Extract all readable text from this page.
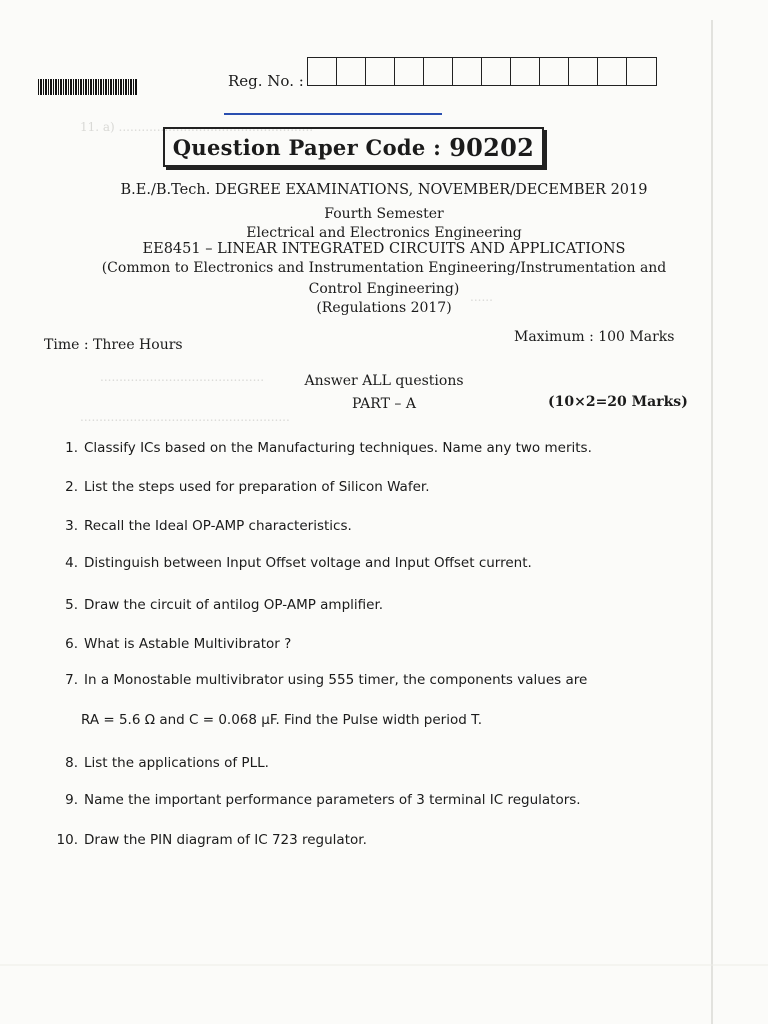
11. a) ...................................................
......
...........................................
.......................................................
Reg. No. :
Question Paper Code : 90202
B.E./B.Tech. DEGREE EXAMINATIONS, NOVEMBER/DECEMBER 2019
Fourth Semester
Electrical and Electronics Engineering
EE8451 – LINEAR INTEGRATED CIRCUITS AND APPLICATIONS
(Common to Electronics and Instrumentation Engineering/Instrumentation and
Control Engineering)
(Regulations 2017)
Time : Three Hours	Maximum : 100 Marks
Answer ALL questions
PART – A	(10×2=20 Marks)
1. Classify ICs based on the Manufacturing techniques. Name any two merits.
2. List the steps used for preparation of Silicon Wafer.
3. Recall the Ideal OP-AMP characteristics.
4. Distinguish between Input Offset voltage and Input Offset current.
5. Draw the circuit of antilog OP-AMP amplifier.
6. What is Astable Multivibrator ?
7. In a Monostable multivibrator using 555 timer, the components values are
RA = 5.6 Ω and C = 0.068 μF. Find the Pulse width period T.
8. List the applications of PLL.
9. Name the important performance parameters of 3 terminal IC regulators.
10. Draw the PIN diagram of IC 723 regulator.
